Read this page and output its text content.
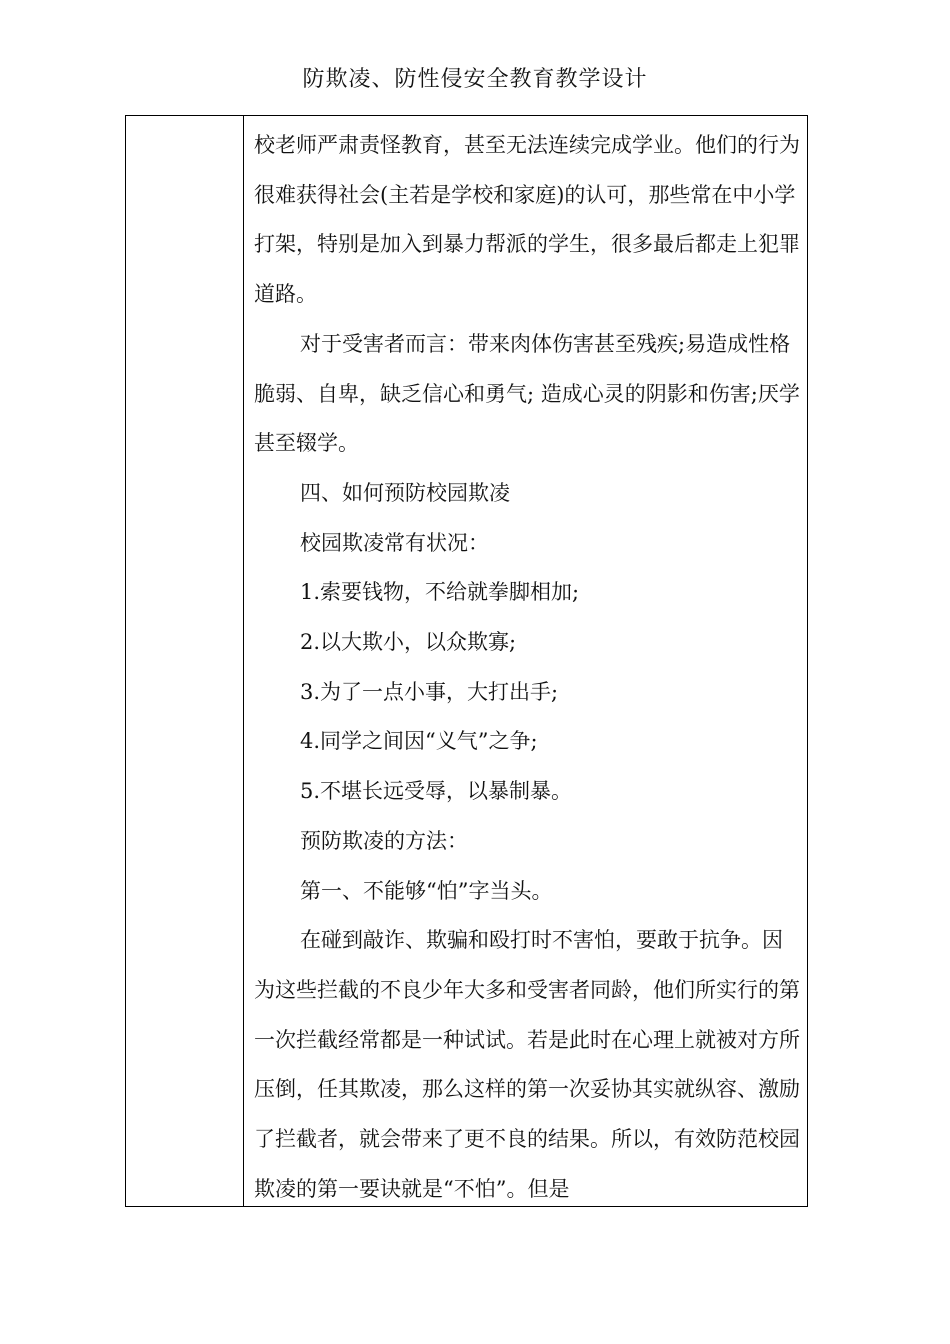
防欺凌、防性侵安全教育教学设计

校老师严肃责怪教育，甚至无法连续完成学业。他们的行为很难获得社会(主若是学校和家庭)的认可，那些常在中小学打架，特别是加入到暴力帮派的学生，很多最后都走上犯罪道路。

对于受害者而言：带来肉体伤害甚至残疾;易造成性格脆弱、自卑，缺乏信心和勇气; 造成心灵的阴影和伤害;厌学甚至辍学。

四、如何预防校园欺凌

校园欺凌常有状况：

1.索要钱物，不给就拳脚相加;

2.以大欺小，以众欺寡;

3.为了一点小事，大打出手;

4.同学之间因“义气”之争;

5.不堪长远受辱，以暴制暴。

预防欺凌的方法：

第一、不能够“怕”字当头。

在碰到敲诈、欺骗和殴打时不害怕，要敢于抗争。因为这些拦截的不良少年大多和受害者同龄，他们所实行的第一次拦截经常都是一种试试。若是此时在心理上就被对方所压倒，任其欺凌，那么这样的第一次妥协其实就纵容、激励了拦截者，就会带来了更不良的结果。所以，有效防范校园欺凌的第一要诀就是“不怕”。但是
